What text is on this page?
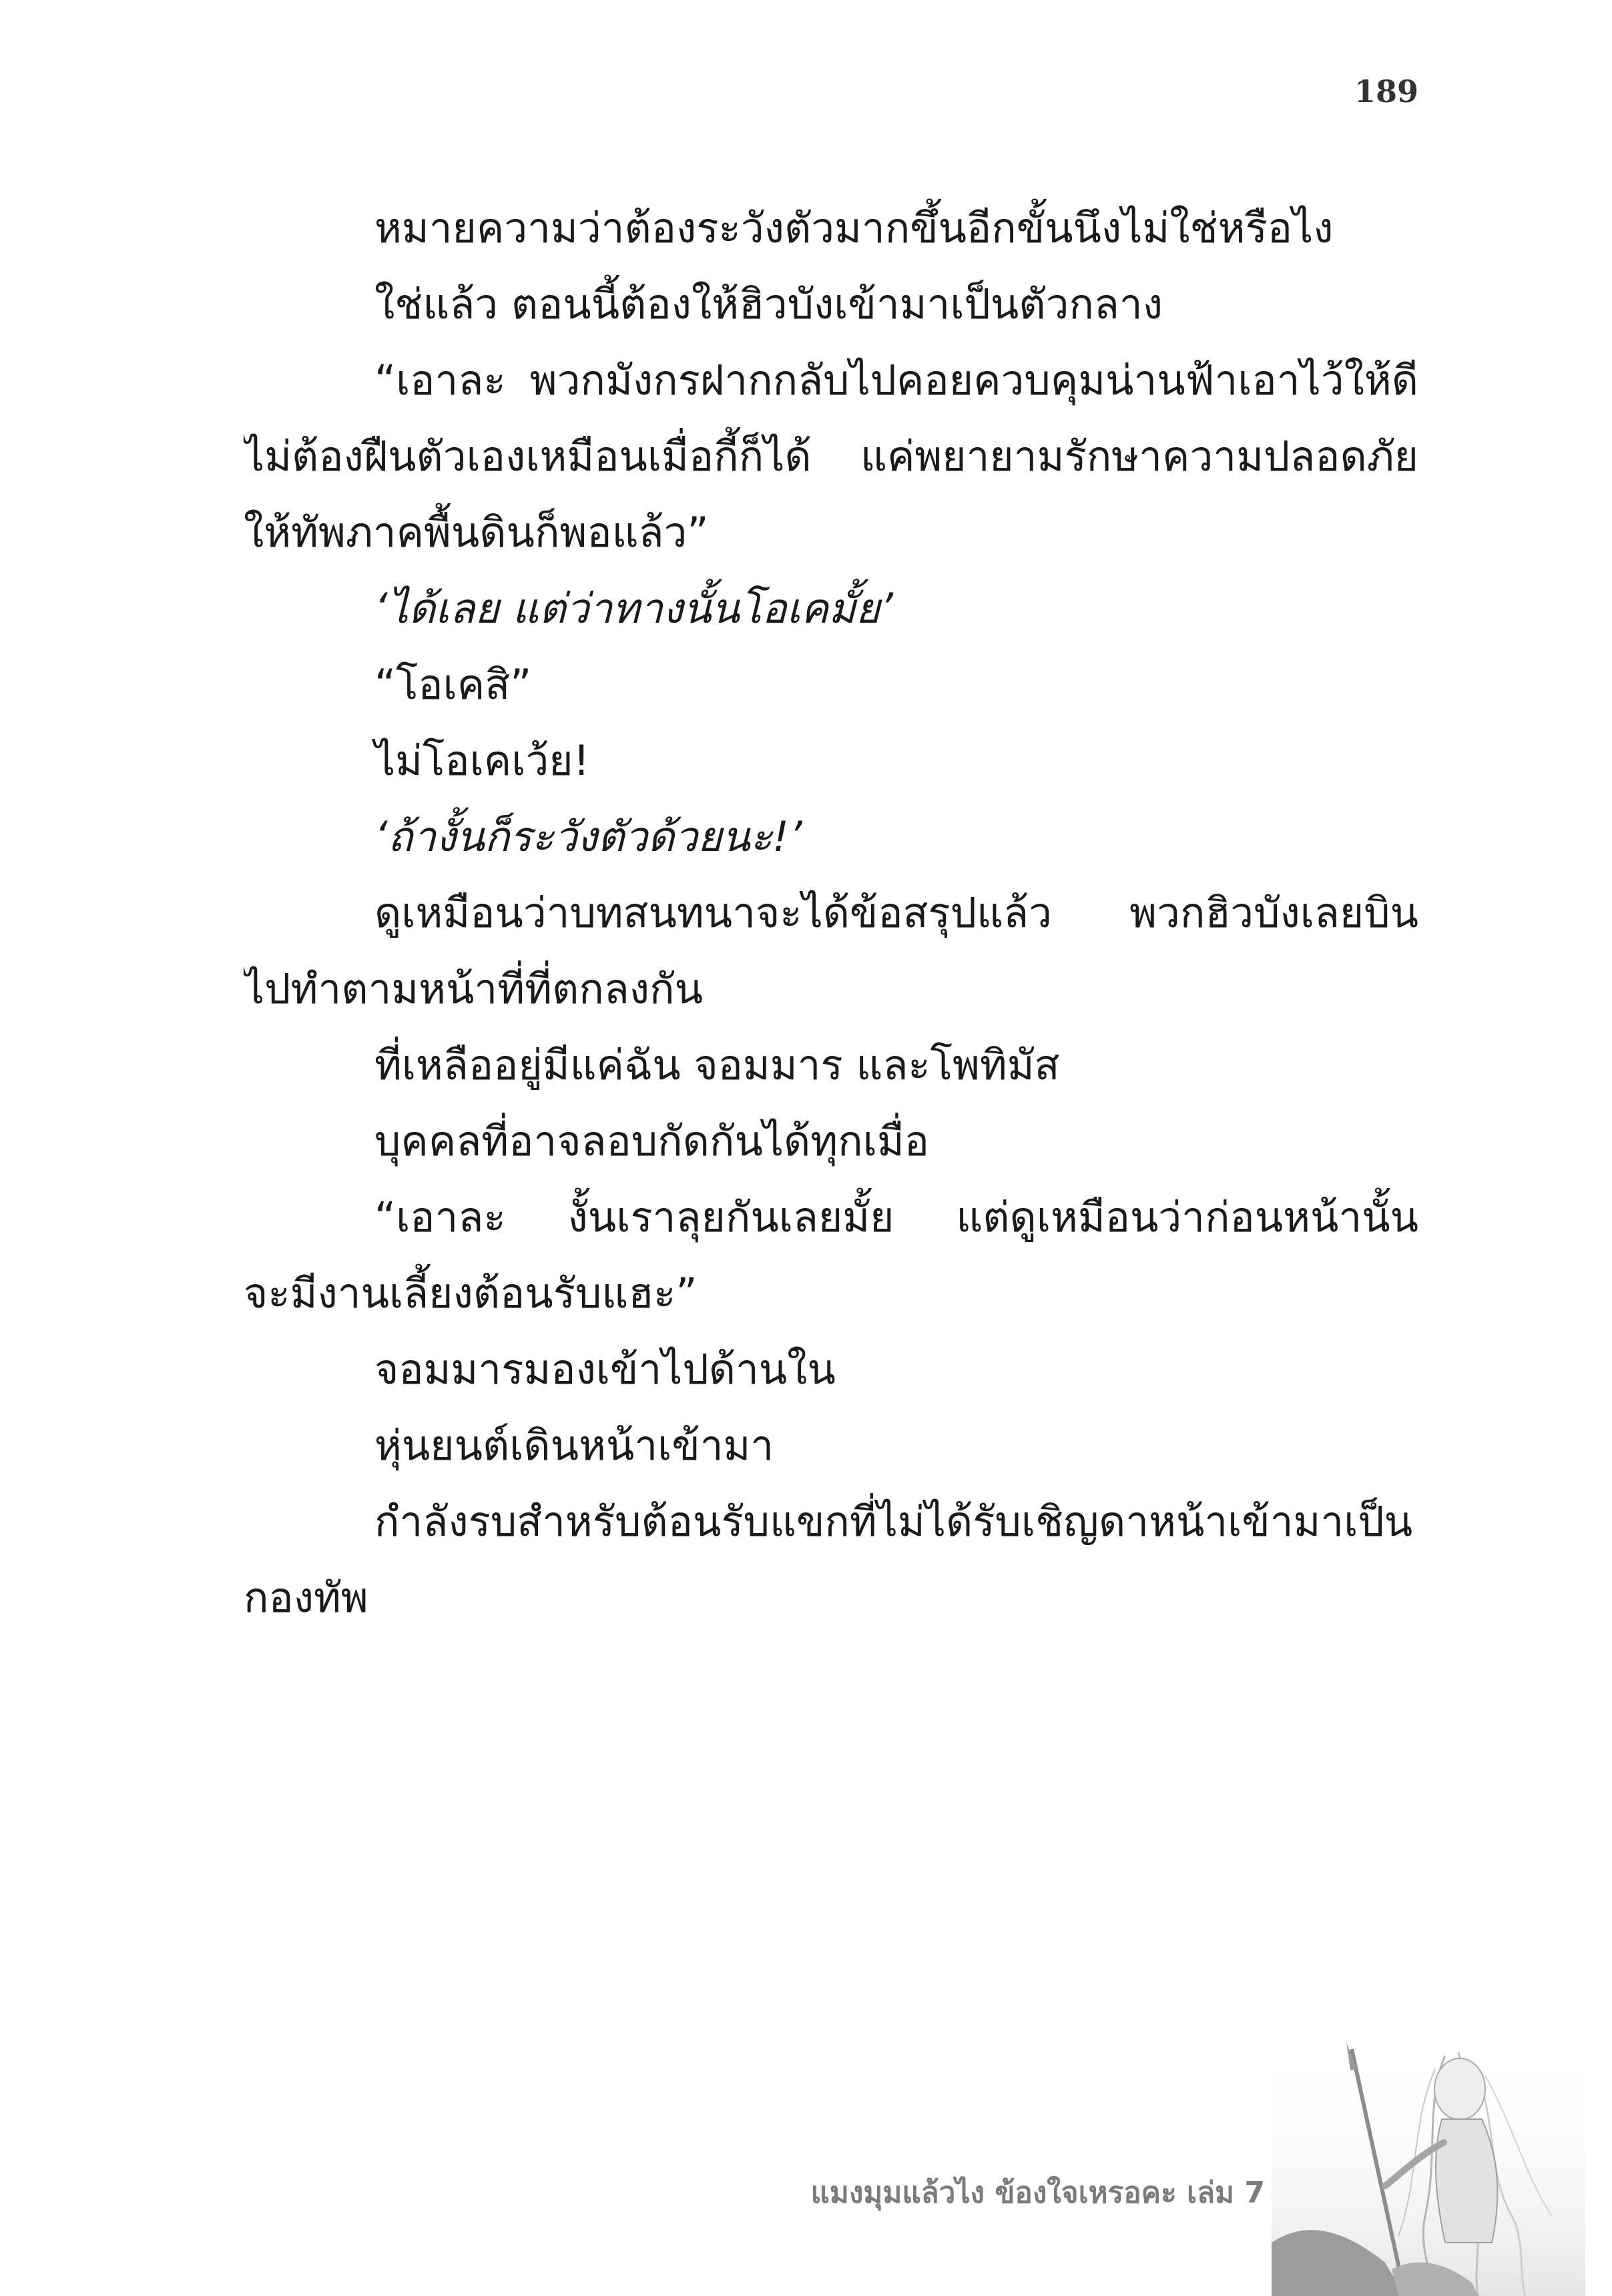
189
หมายความว่าต้องระวังตัวมากขึ้นอีกขั้นนึงไม่ใช่หรือไง
ใช่แล้ว ตอนนี้ต้องให้ฮิวบังเข้ามาเป็นตัวกลาง
“เอาละ พวกมังกรฝากกลับไปคอยควบคุมน่านฟ้าเอาไว้ให้ดี
ไม่ต้องฝืนตัวเองเหมือนเมื่อกี้ก็ได้ แค่พยายามรักษาความปลอดภัย
ให้ทัพภาคพื้นดินก็พอแล้ว”
‘ได้เลย แต่ว่าทางนั้นโอเคมั้ย’
“โอเคสิ”
ไม่โอเคเว้ย!
‘ถ้างั้นก็ระวังตัวด้วยนะ!’
ดูเหมือนว่าบทสนทนาจะได้ข้อสรุปแล้ว พวกฮิวบังเลยบิน
ไปทำตามหน้าที่ที่ตกลงกัน
ที่เหลืออยู่มีแค่ฉัน จอมมาร และโพทิมัส
บุคคลที่อาจลอบกัดกันได้ทุกเมื่อ
“เอาละ งั้นเราลุยกันเลยมั้ย แต่ดูเหมือนว่าก่อนหน้านั้น
จะมีงานเลี้ยงต้อนรับแฮะ”
จอมมารมองเข้าไปด้านใน
หุ่นยนต์เดินหน้าเข้ามา
กำลังรบสำหรับต้อนรับแขกที่ไม่ได้รับเชิญดาหน้าเข้ามาเป็น
กองทัพ
แมงมุมแล้วไง ข้องใจเหรอคะ เล่ม 7
